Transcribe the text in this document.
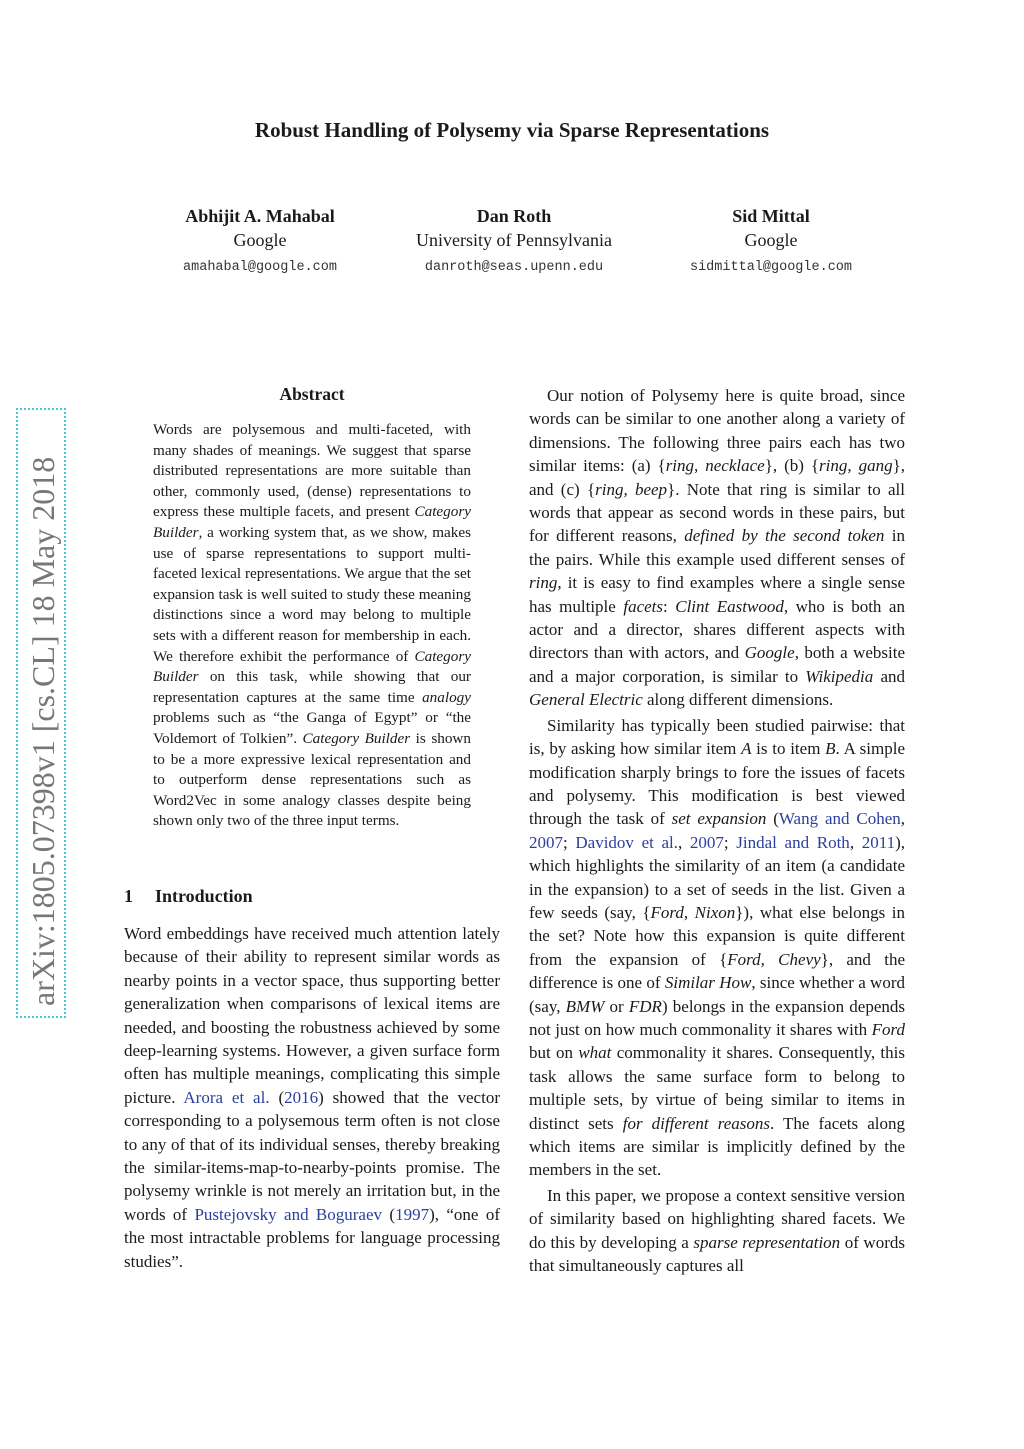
Robust Handling of Polysemy via Sparse Representations
Abhijit A. Mahabal
Google
amahabal@google.com
Dan Roth
University of Pennsylvania
danroth@seas.upenn.edu
Sid Mittal
Google
sidmittal@google.com
arXiv:1805.07398v1 [cs.CL] 18 May 2018
Abstract
Words are polysemous and multi-faceted, with many shades of meanings. We suggest that sparse distributed representations are more suitable than other, commonly used, (dense) representations to express these multiple facets, and present Category Builder, a working system that, as we show, makes use of sparse representations to support multi-faceted lexical representations. We argue that the set expansion task is well suited to study these meaning distinctions since a word may belong to multiple sets with a different reason for membership in each. We therefore exhibit the performance of Category Builder on this task, while showing that our representation captures at the same time analogy problems such as “the Ganga of Egypt” or “the Voldemort of Tolkien”. Category Builder is shown to be a more expressive lexical representation and to outperform dense representations such as Word2Vec in some analogy classes despite being shown only two of the three input terms.
1 Introduction
Word embeddings have received much attention lately because of their ability to represent similar words as nearby points in a vector space, thus supporting better generalization when comparisons of lexical items are needed, and boosting the robustness achieved by some deep-learning systems. However, a given surface form often has multiple meanings, complicating this simple picture. Arora et al. (2016) showed that the vector corresponding to a polysemous term often is not close to any of that of its individual senses, thereby breaking the similar-items-map-to-nearby-points promise. The polysemy wrinkle is not merely an irritation but, in the words of Pustejovsky and Boguraev (1997), “one of the most intractable problems for language processing studies”.

Our notion of Polysemy here is quite broad, since words can be similar to one another along a variety of dimensions. The following three pairs each has two similar items: (a) {ring, necklace}, (b) {ring, gang}, and (c) {ring, beep}. Note that ring is similar to all words that appear as second words in these pairs, but for different reasons, defined by the second token in the pairs. While this example used different senses of ring, it is easy to find examples where a single sense has multiple facets: Clint Eastwood, who is both an actor and a director, shares different aspects with directors than with actors, and Google, both a website and a major corporation, is similar to Wikipedia and General Electric along different dimensions.

Similarity has typically been studied pairwise: that is, by asking how similar item A is to item B. A simple modification sharply brings to fore the issues of facets and polysemy. This modification is best viewed through the task of set expansion (Wang and Cohen, 2007; Davidov et al., 2007; Jindal and Roth, 2011), which highlights the similarity of an item (a candidate in the expansion) to a set of seeds in the list. Given a few seeds (say, {Ford, Nixon}), what else belongs in the set? Note how this expansion is quite different from the expansion of {Ford, Chevy}, and the difference is one of Similar How, since whether a word (say, BMW or FDR) belongs in the expansion depends not just on how much commonality it shares with Ford but on what commonality it shares. Consequently, this task allows the same surface form to belong to multiple sets, by virtue of being similar to items in distinct sets for different reasons. The facets along which items are similar is implicitly defined by the members in the set.

In this paper, we propose a context sensitive version of similarity based on highlighting shared facets. We do this by developing a sparse representation of words that simultaneously captures all
